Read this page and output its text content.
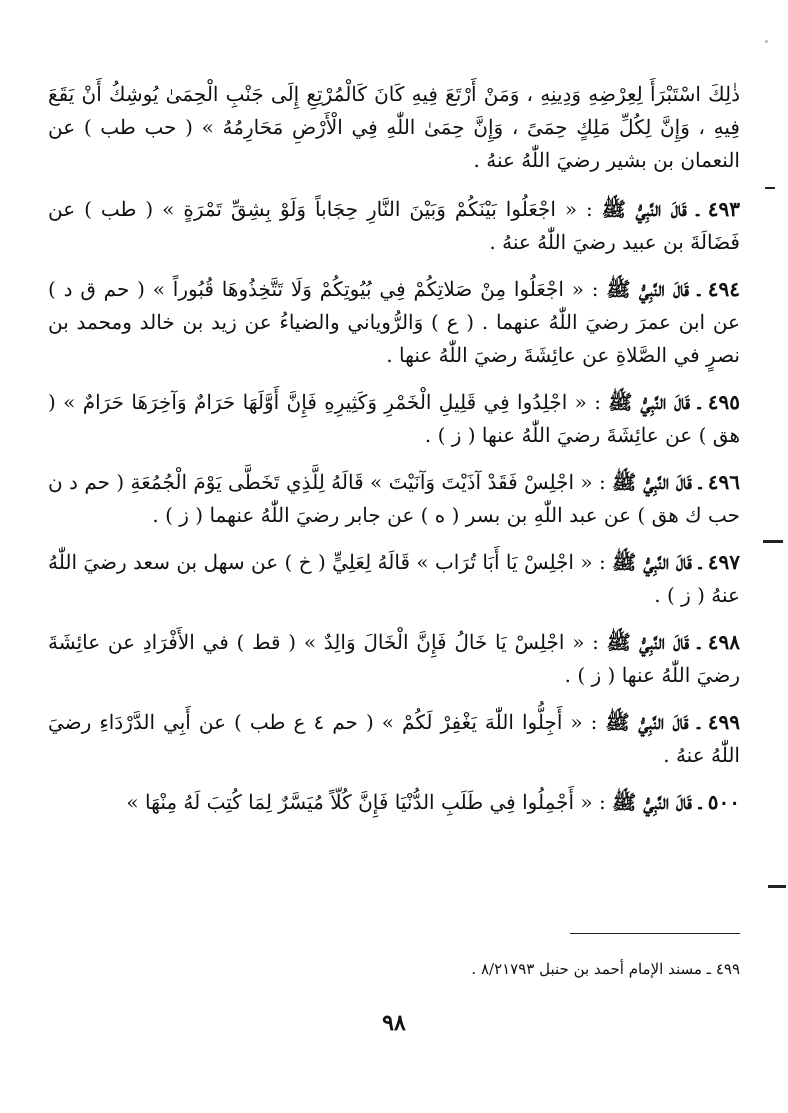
ذٰلِكَ اسْتَبْرَأَ لِعِرْضِهِ وَدِينِهِ ، وَمَنْ أَرْتَعَ فِيهِ كَانَ كَالْمُرْتِعِ إِلَى جَنْبِ الْحِمَىٰ يُوشِكُ أَنْ يَقَعَ فِيهِ ، وَإِنَّ لِكُلِّ مَلِكٍ حِمَىً ، وَإِنَّ حِمَىٰ اللّٰهِ فِي الْأَرْضِ مَحَارِمُهُ » ( حب طب ) عن النعمان بن بشير رضيَ اللّٰهُ عنهُ .

٤٩٣ ـ قَالَ النَّبِيُّ ﷺ : « اجْعَلُوا بَيْنَكُمْ وَبَيْنَ النَّارِ حِجَاباً وَلَوْ بِشِقِّ تَمْرَةٍ » ( طب ) عن فَضَالَةَ بن عبيد رضيَ اللّٰهُ عنهُ .

٤٩٤ ـ قَالَ النَّبِيُّ ﷺ : « اجْعَلُوا مِنْ صَلاتِكُمْ فِي بُيُوتِكُمْ وَلَا تَتَّخِذُوهَا قُبُوراً » ( حم ق د ) عن ابن عمرَ رضيَ اللّٰهُ عنهما . ( ع ) وَالرُّوياني والضياءُ عن زيد بن خالد ومحمد بن نصرٍ في الصَّلاةِ عن عائِشَةَ رضيَ اللّٰهُ عنها .

٤٩٥ ـ قَالَ النَّبِيُّ ﷺ : « اجْلِدُوا فِي قَلِيلِ الْخَمْرِ وَكَثِيرِهِ فَإِنَّ أَوَّلَهَا حَرَامٌ وَآخِرَهَا حَرَامٌ » ( هق ) عن عائِشَةَ رضيَ اللّٰهُ عنها ( ز ) .

٤٩٦ ـ قَالَ النَّبِيُّ ﷺ : « اجْلِسْ فَقَدْ آذَيْتَ وَآنَيْتَ » قَالَهُ لِلَّذِي تَخَطَّى يَوْمَ الْجُمُعَةِ ( حم د ن حب ك هق ) عن عبد اللّٰهِ بن بسر ( ه ) عن جابر رضيَ اللّٰهُ عنهما ( ز ) .

٤٩٧ ـ قَالَ النَّبِيُّ ﷺ : « اجْلِسْ يَا أَبَا تُرَاب » قَالَهُ لِعَلِيٍّ ( خ ) عن سهل بن سعد رضيَ اللّٰهُ عنهُ ( ز ) .

٤٩٨ ـ قَالَ النَّبِيُّ ﷺ : « اجْلِسْ يَا خَالُ فَإِنَّ الْخَالَ وَالِدٌ » ( قط ) في الأَفْرَادِ عن عائِشَةَ رضيَ اللّٰهُ عنها ( ز ) .

٤٩٩ ـ قَالَ النَّبِيُّ ﷺ : « أَجِلُّوا اللّٰهَ يَغْفِرْ لَكُمْ » ( حم ٤ ع طب ) عن أَبِي الدَّرْدَاءِ رضيَ اللّٰهُ عنهُ .

٥٠٠ ـ قَالَ النَّبِيُّ ﷺ : « أَجْمِلُوا فِي طَلَبِ الدُّنْيَا فَإِنَّ كُلّاً مُيَسَّرٌ لِمَا كُتِبَ لَهُ مِنْهَا »

٤٩٩ ـ مسند الإمام أحمد بن حنبل ٨/٢١٧٩٣ .
٩٨
